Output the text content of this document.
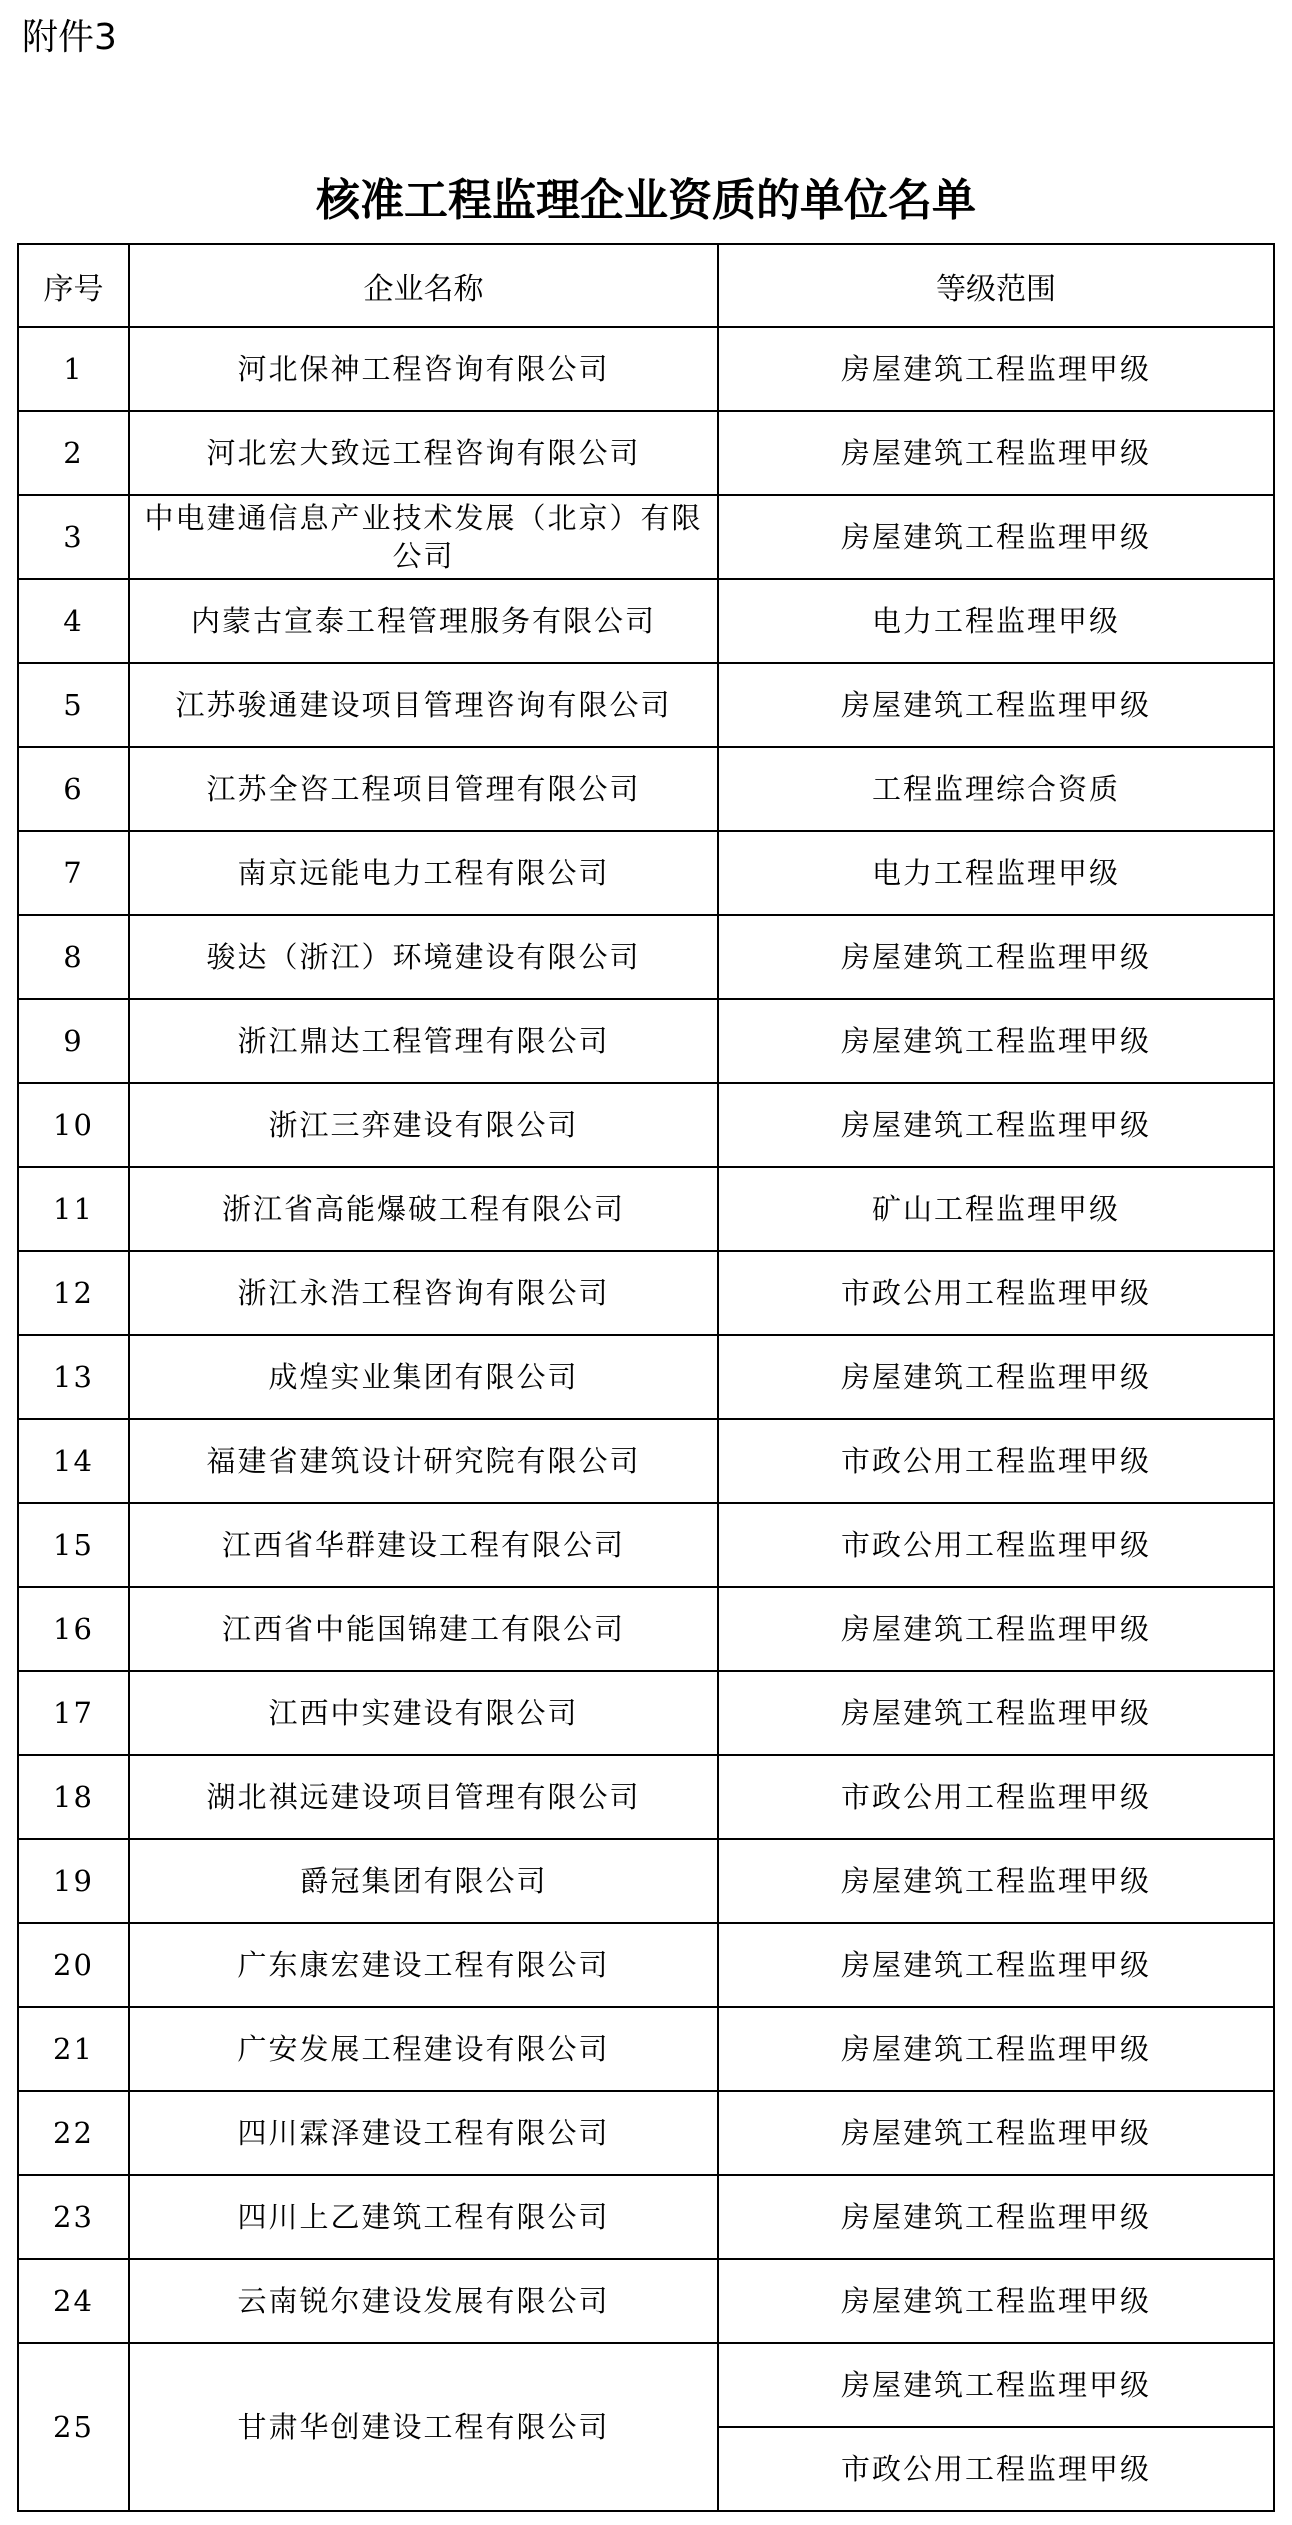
附件3
核准工程监理企业资质的单位名单
序号	企业名称	等级范围
1	河北保神工程咨询有限公司	房屋建筑工程监理甲级
2	河北宏大致远工程咨询有限公司	房屋建筑工程监理甲级
3	中电建通信息产业技术发展（北京）有限公司	房屋建筑工程监理甲级
4	内蒙古宣泰工程管理服务有限公司	电力工程监理甲级
5	江苏骏通建设项目管理咨询有限公司	房屋建筑工程监理甲级
6	江苏全咨工程项目管理有限公司	工程监理综合资质
7	南京远能电力工程有限公司	电力工程监理甲级
8	骏达（浙江）环境建设有限公司	房屋建筑工程监理甲级
9	浙江鼎达工程管理有限公司	房屋建筑工程监理甲级
10	浙江三弈建设有限公司	房屋建筑工程监理甲级
11	浙江省高能爆破工程有限公司	矿山工程监理甲级
12	浙江永浩工程咨询有限公司	市政公用工程监理甲级
13	成煌实业集团有限公司	房屋建筑工程监理甲级
14	福建省建筑设计研究院有限公司	市政公用工程监理甲级
15	江西省华群建设工程有限公司	市政公用工程监理甲级
16	江西省中能国锦建工有限公司	房屋建筑工程监理甲级
17	江西中实建设有限公司	房屋建筑工程监理甲级
18	湖北祺远建设项目管理有限公司	市政公用工程监理甲级
19	爵冠集团有限公司	房屋建筑工程监理甲级
20	广东康宏建设工程有限公司	房屋建筑工程监理甲级
21	广安发展工程建设有限公司	房屋建筑工程监理甲级
22	四川霖泽建设工程有限公司	房屋建筑工程监理甲级
23	四川上乙建筑工程有限公司	房屋建筑工程监理甲级
24	云南锐尔建设发展有限公司	房屋建筑工程监理甲级
25	甘肃华创建设工程有限公司	房屋建筑工程监理甲级
		市政公用工程监理甲级
